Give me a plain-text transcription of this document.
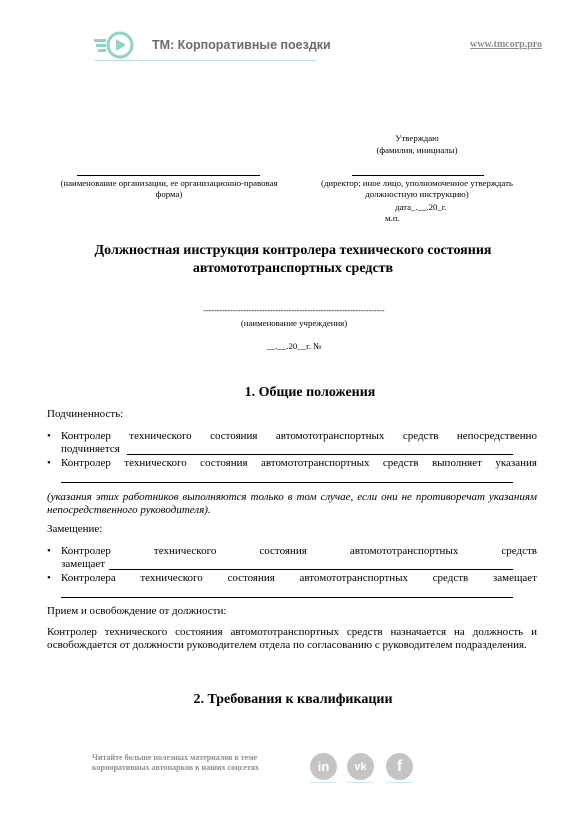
ТМ: Корпоративные поездки	www.tmcorp.pro
Утверждаю
(фамилия, инициалы)
(наименование организации, ее организационно-правовая форма)
(директор; иное лицо, уполномоченное утверждать должностную инструкцию)
дата_.__.20_г.
м.п.
Должностная инструкция контролера технического состояния автомототранспортных средств
--------------------------------------------------------------------
(наименование учреждения)
__.__.20__г. №
1. Общие положения
Подчиненность:
• Контролер технического состояния автомототранспортных средств непосредственно
подчиняется
• Контролер технического состояния автомототранспортных средств выполняет указания
(указания этих работников выполняются только в том случае, если они не противоречат указаниям непосредственного руководителя).
Замещение:
• Контролер технического состояния автомототранспортных средств
замещает
• Контролера технического состояния автомототранспортных средств замещает
Прием и освобождение от должности:
Контролер технического состояния автомототранспортных средств назначается на должность и освобождается от должности руководителем отдела по согласованию с руководителем подразделения.
2. Требования к квалификации
Читайте больше полезных материалов в теме корпоративных автопарков в наших соцсетях	in	vk	f
